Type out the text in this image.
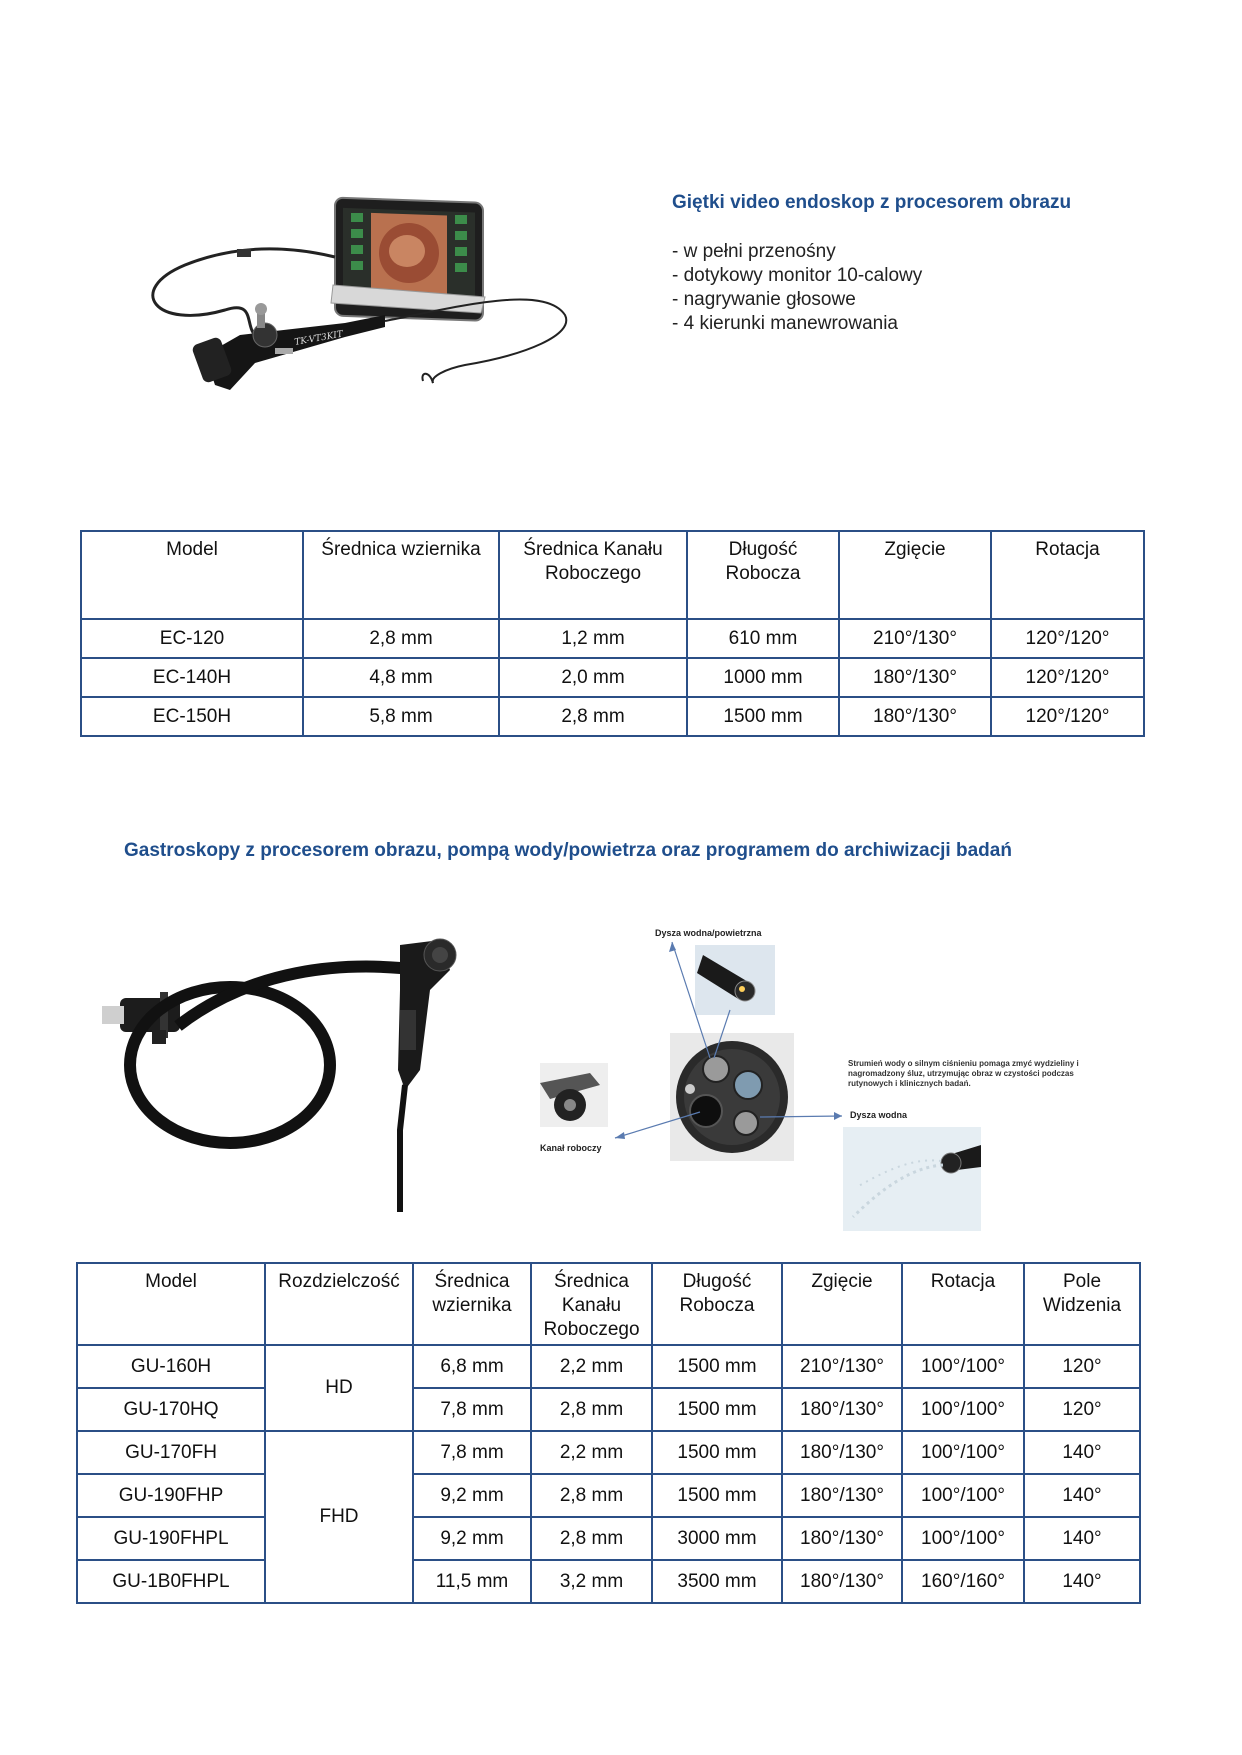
TK-VT3KIT
Giętki video endoskop z procesorem obrazu
- w pełni przenośny
- dotykowy monitor 10-calowy
- nagrywanie głosowe
- 4 kierunki manewrowania
Model	Średnica wziernika	Średnica Kanału Roboczego	Długość Robocza	Zgięcie	Rotacja
EC-120	2,8 mm	1,2 mm	610 mm	210°/130°	120°/120°
EC-140H	4,8 mm	2,0 mm	1000 mm	180°/130°	120°/120°
EC-150H	5,8 mm	2,8 mm	1500 mm	180°/130°	120°/120°
Gastroskopy z procesorem obrazu, pompą wody/powietrza oraz programem do archiwizacji badań
Dysza wodna/powietrzna
Kanał roboczy
Strumień wody o silnym ciśnieniu pomaga zmyć wydzieliny i nagromadzony śluz, utrzymując obraz w czystości podczas rutynowych i klinicznych badań.
Dysza wodna
Model	Rozdzielczość	Średnica wziernika	Średnica Kanału Roboczego	Długość Robocza	Zgięcie	Rotacja	Pole Widzenia
GU-160H	HD	6,8 mm	2,2 mm	1500 mm	210°/130°	100°/100°	120°
GU-170HQ		7,8 mm	2,8 mm	1500 mm	180°/130°	100°/100°	120°
GU-170FH	FHD	7,8 mm	2,2 mm	1500 mm	180°/130°	100°/100°	140°
GU-190FHP		9,2 mm	2,8 mm	1500 mm	180°/130°	100°/100°	140°
GU-190FHPL		9,2 mm	2,8 mm	3000 mm	180°/130°	100°/100°	140°
GU-1B0FHPL		11,5 mm	3,2 mm	3500 mm	180°/130°	160°/160°	140°
